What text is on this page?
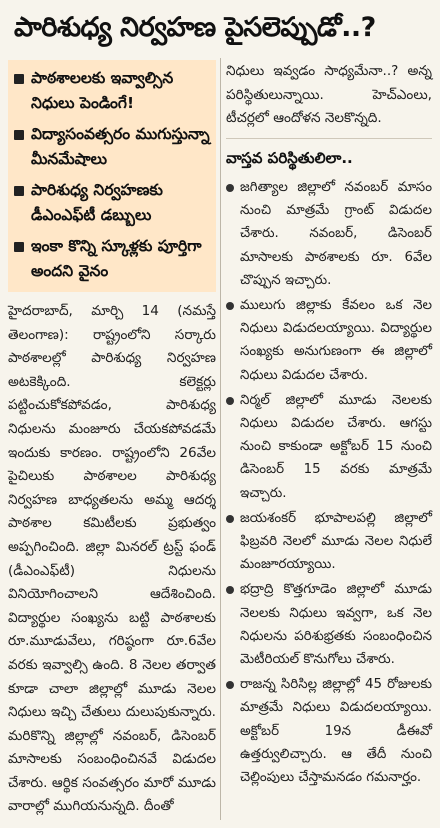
పారిశుధ్య నిర్వహణ పైసలెప్పుడో..?
పాఠశాలలకు ఇవ్వాల్సిన నిధులు పెండింగే!
విద్యాసంవత్సరం ముగుస్తున్నా మీనమేషాలు
పారిశుధ్య నిర్వహణకు డీఎంఎఫ్‌టీ డబ్బులు
ఇంకా కొన్ని స్కూళ్లకు పూర్తిగా అందని వైనం
హైదరాబాద్‌, మార్చి 14 (నమస్తే తెలంగాణ): రాష్ట్రంలోని సర్కారు పాఠశాలల్లో పారిశుధ్య నిర్వహణ అటకెక్కింది. కలెక్టర్లు పట్టించుకోకపోవడం, పారిశుధ్య నిధులను మంజూరు చేయకపోవడమే ఇందుకు కారణం. రాష్ట్రంలోని 26వేల పైచిలుకు పాఠశాలల పారిశుధ్య నిర్వహణ బాధ్యతలను అమ్మ ఆదర్శ పాఠశాల కమిటీలకు ప్రభుత్వం అప్పగించింది. జిల్లా మినరల్‌ ట్రస్ట్‌ ఫండ్‌ (డీఎంఎఫ్‌టీ) నిధులను వినియోగించాలని ఆదేశించింది. విద్యార్థుల సంఖ్యను బట్టి పాఠశాలకు రూ.మూడువేలు, గరిష్ఠంగా రూ.6వేల వరకు ఇవ్వాల్సి ఉంది. 8 నెలల తర్వాత కూడా చాలా జిల్లాల్లో మూడు నెలల నిధులు ఇచ్చి చేతులు దులుపుకున్నారు. మరికొన్ని జిల్లాల్లో నవంబర్‌, డిసెంబర్‌ మాసాలకు సంబంధించినవే విడుదల చేశారు. ఆర్థిక సంవత్సరం మారో మూడు వారాల్లో ముగియనున్నది. దీంతో
నిధులు ఇవ్వడం సాధ్యమేనా..? అన్న పరిస్థితులున్నాయి. హెచ్‌ఎంలు, టీచర్లలో ఆందోళన నెలకొన్నది.
వాస్తవ పరిస్థితులిలా..
జగిత్యాల జిల్లాలో నవంబర్‌ మాసం నుంచి మాత్రమే గ్రాంట్‌ విడుదల చేశారు. నవంబర్‌, డిసెంబర్‌ మాసాలకు పాఠశాలకు రూ. 6వేల చొప్పున ఇచ్చారు.
ములుగు జిల్లాకు కేవలం ఒక నెల నిధులు విడుదలయ్యాయి. విద్యార్థుల సంఖ్యకు అనుగుణంగా ఈ జిల్లాలో నిధులు విడుదల చేశారు.
నిర్మల్‌ జిల్లాలో మూడు నెలలకు నిధులు విడుదల చేశారు. ఆగస్టు నుంచి కాకుండా అక్టోబర్‌ 15 నుంచి డిసెంబర్‌ 15 వరకు మాత్రమే ఇచ్చారు.
జయశంకర్‌ భూపాలపల్లి జిల్లాలో ఫిబ్రవరి నెలలో మూడు నెలల నిధులే మంజూరయ్యాయి.
భద్రాద్రి కొత్తగూడెం జిల్లాలో మూడు నెలలకు నిధులు ఇవ్వగా, ఒక నెల నిధులను పరిశుభ్రతకు సంబంధించిన మెటీరియల్‌ కొనుగోలు చేశారు.
రాజన్న సిరిసిల్ల జిల్లాల్లో 45 రోజులకు మాత్రమే నిధులు విడుదలయ్యాయి. అక్టోబర్‌ 19న డీఈవో ఉత్తర్వులిచ్చారు. ఆ తేదీ నుంచి చెల్లింపులు చేస్తామనడం గమనార్హం.
